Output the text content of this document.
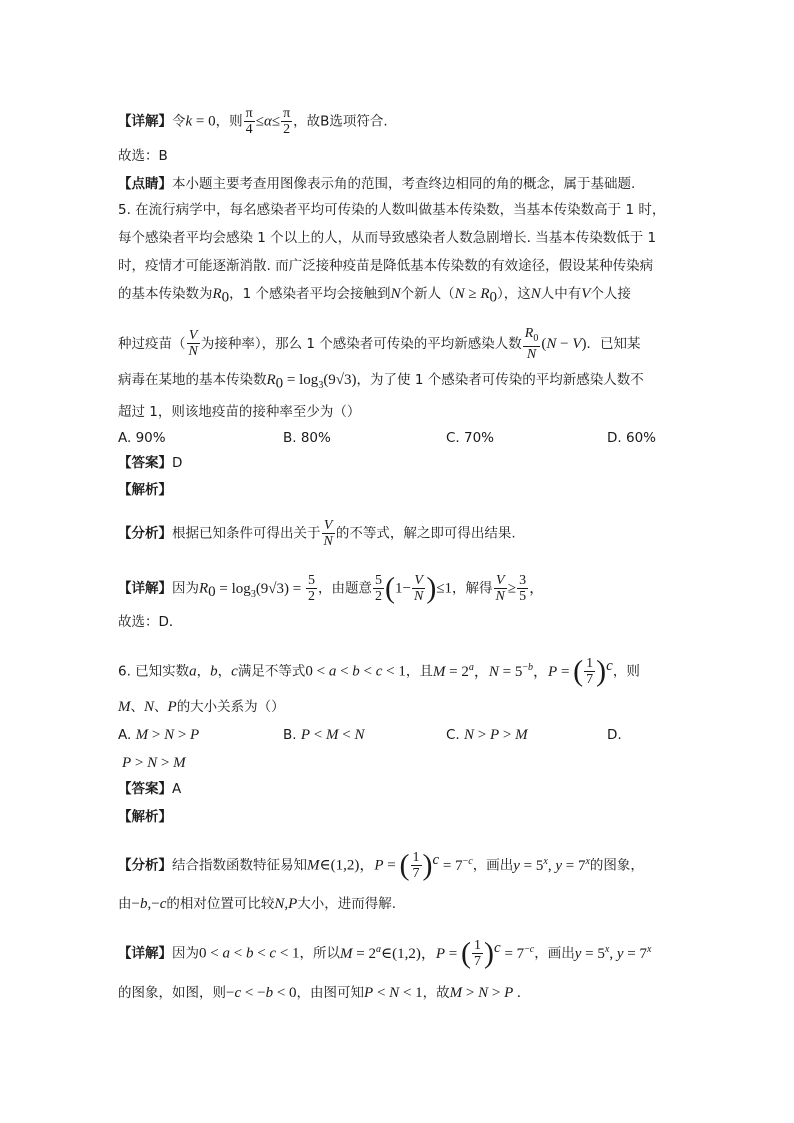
【详解】令k = 0，则 $\frac{\pi}{4} \le\alpha\le \frac{\pi}{2}$ ，故B选项符合.
故选：B
【点睛】本小题主要考查用图像表示角的范围，考查终边相同的角的概念，属于基础题.
5. 在流行病学中，每名感染者平均可传染的人数叫做基本传染数，当基本传染数高于 1 时，
每个感染者平均会感染 1 个以上的人，从而导致感染者人数急剧增长. 当基本传染数低于 1
时，疫情才可能逐渐消散. 而广泛接种疫苗是降低基本传染数的有效途径，假设某种传染病
的基本传染数为$R_0$，1 个感染者平均会接触到N个新人$(N \ge R_0)$，这N人中有V个人接
种过疫苗（ $\frac{V}{N}$ 为接种率），那么 1 个感染者可传染的平均新感染人数 $\frac{R_0}{N} (N - V)$．已知某
病毒在某地的基本传染数$R_0 = \log_3(9√3)$，为了使 1 个感染者可传染的平均新感染人数不
超过 1，则该地疫苗的接种率至少为（）
A. 90%	B. 80%	C. 70%	D. 60%
【答案】D
【解析】
【分析】根据已知条件可得出关于 $\frac{V}{N}$ 的不等式，解之即可得出结果.
【详解】因为$R_0 = \log_3(9√3) = \frac{5}{2}$ ，由题意 $\frac{5}{2} (1- \frac{V}{N} )\le 1$，解得 $\frac{V}{N} \ge \frac{3}{5}$ ，
故选：D．
6. 已知实数a，b，c满足不等式0 < a < b < c < 1，且$M = 2^a$，$N = 5^{-b}$，P = ( $\frac{1}{7} )^c$，则
M、N、P的大小关系为（）
A. M > N > P	B. P < M < N	C. N > P > M	D.
P > N > M
【答案】A
【解析】
【分析】结合指数函数特征易知M∈(1,2)，P = ( $\frac{1}{7} )^c = 7^{-c}$，画出$y = 5^x$, $y = 7^x$的图象，
由−b,−c的相对位置可比较N,P大小，进而得解.
【详解】因为0 < a < b < c < 1，所以$M = 2^a\in(1,2)$，P = ( $\frac{1}{7} )^c = 7^{-c}$，画出$y = 5^x$, $y = 7^x$
的图象，如图，则−c < −b < 0，由图可知P < N < 1，故M > N > P .
